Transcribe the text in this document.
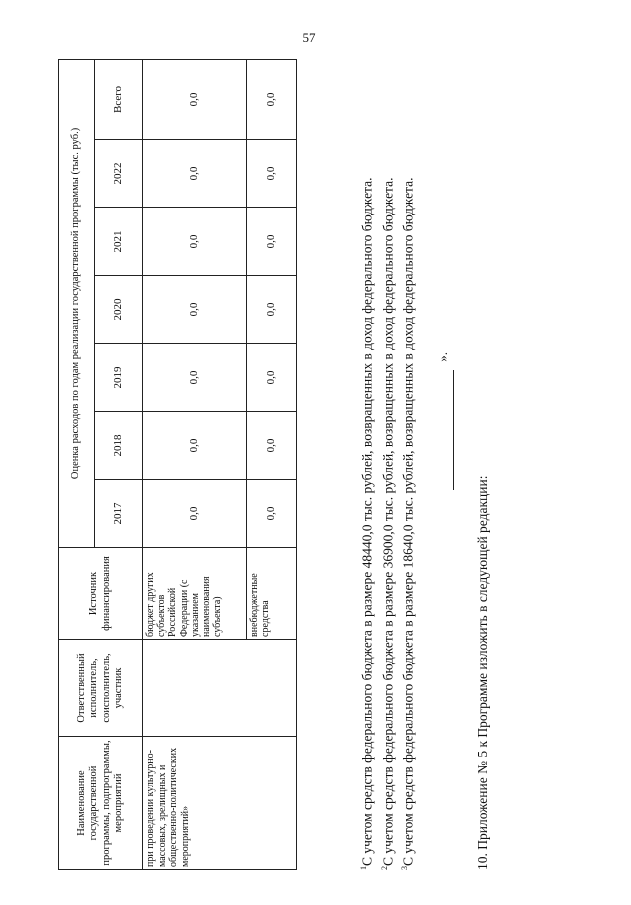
57
Наименование государственной программы, подпрограммы, мероприятий	Ответственный исполнитель, соисполнитель, участник	Источник финансирования	Оценка расходов по годам реализации государственной программы (тыс. руб.)						
			2017	2018	2019	2020	2021	2022	Всего
при проведении культурно-массовых, зрелищных и общественно-политических мероприятий»		бюджет других субъектов Российской Федерации (с указанием наименования субъекта)	0,0	0,0	0,0	0,0	0,0	0,0	0,0
		внебюджетные средства	0,0	0,0	0,0	0,0	0,0	0,0	0,0
$^1$С учетом средств федерального бюджета в размере 48440,0 тыс. рублей, возвращенных в доход федерального бюджета.
$^2$С учетом средств федерального бюджета в размере 36900,0 тыс. рублей, возвращенных в доход федерального бюджета.
$^3$С учетом средств федерального бюджета в размере 18640,0 тыс. рублей, возвращенных в доход федерального бюджета. ».
10. Приложение № 5 к Программе изложить в следующей редакции:
